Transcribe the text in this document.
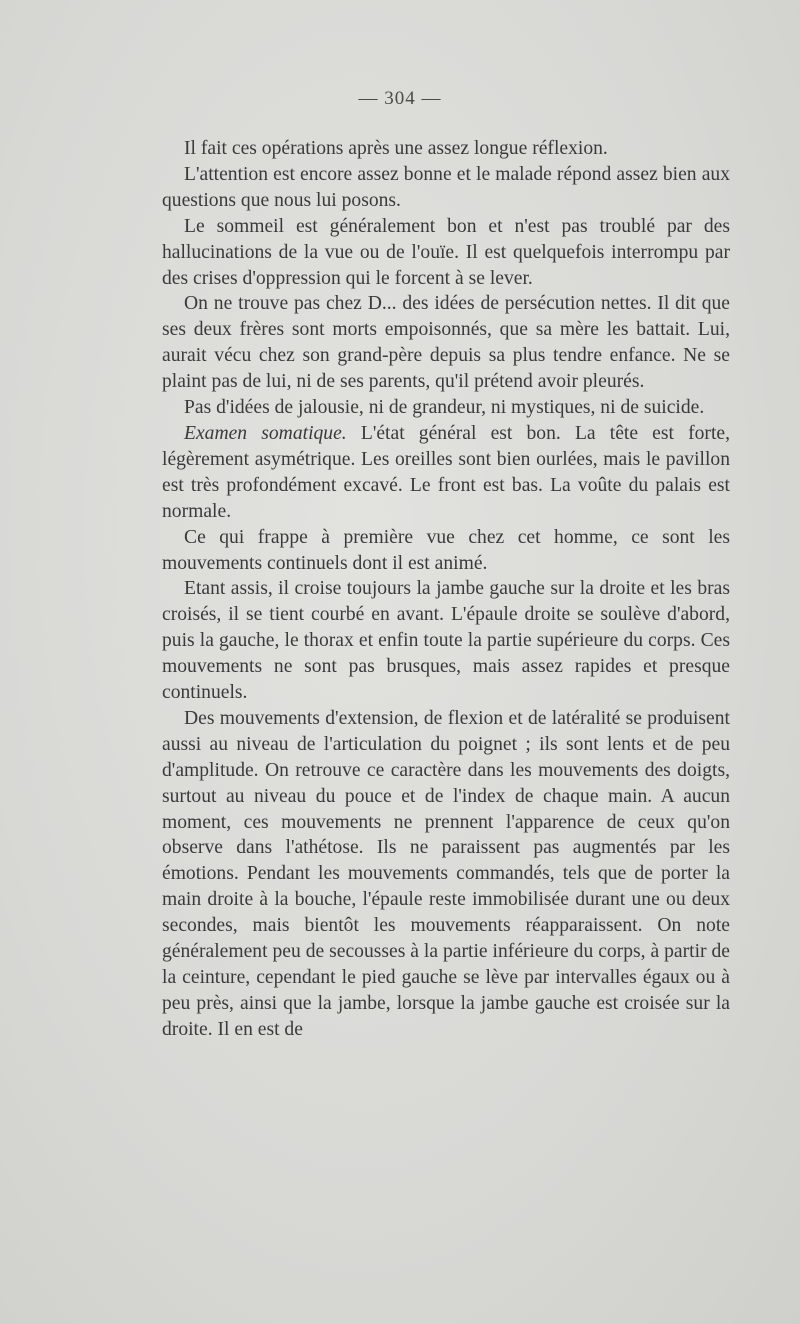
— 304 —

Il fait ces opérations après une assez longue réflexion.

L'attention est encore assez bonne et le malade répond assez bien aux questions que nous lui posons.

Le sommeil est généralement bon et n'est pas troublé par des hallucinations de la vue ou de l'ouïe. Il est quelquefois interrompu par des crises d'oppression qui le forcent à se lever.

On ne trouve pas chez D... des idées de persécution nettes. Il dit que ses deux frères sont morts empoisonnés, que sa mère les battait. Lui, aurait vécu chez son grand-père depuis sa plus tendre enfance. Ne se plaint pas de lui, ni de ses parents, qu'il prétend avoir pleurés.

Pas d'idées de jalousie, ni de grandeur, ni mystiques, ni de suicide.

Examen somatique. L'état général est bon. La tête est forte, légèrement asymétrique. Les oreilles sont bien ourlées, mais le pavillon est très profondément excavé. Le front est bas. La voûte du palais est normale.

Ce qui frappe à première vue chez cet homme, ce sont les mouvements continuels dont il est animé.

Etant assis, il croise toujours la jambe gauche sur la droite et les bras croisés, il se tient courbé en avant. L'épaule droite se soulève d'abord, puis la gauche, le thorax et enfin toute la partie supérieure du corps. Ces mouvements ne sont pas brusques, mais assez rapides et presque continuels.

Des mouvements d'extension, de flexion et de latéralité se produisent aussi au niveau de l'articulation du poignet ; ils sont lents et de peu d'amplitude. On retrouve ce caractère dans les mouvements des doigts, surtout au niveau du pouce et de l'index de chaque main. A aucun moment, ces mouvements ne prennent l'apparence de ceux qu'on observe dans l'athétose. Ils ne paraissent pas augmentés par les émotions. Pendant les mouvements commandés, tels que de porter la main droite à la bouche, l'épaule reste immobilisée durant une ou deux secondes, mais bientôt les mouvements réapparaissent. On note généralement peu de secousses à la partie inférieure du corps, à partir de la ceinture, cependant le pied gauche se lève par intervalles égaux ou à peu près, ainsi que la jambe, lorsque la jambe gauche est croisée sur la droite. Il en est de
